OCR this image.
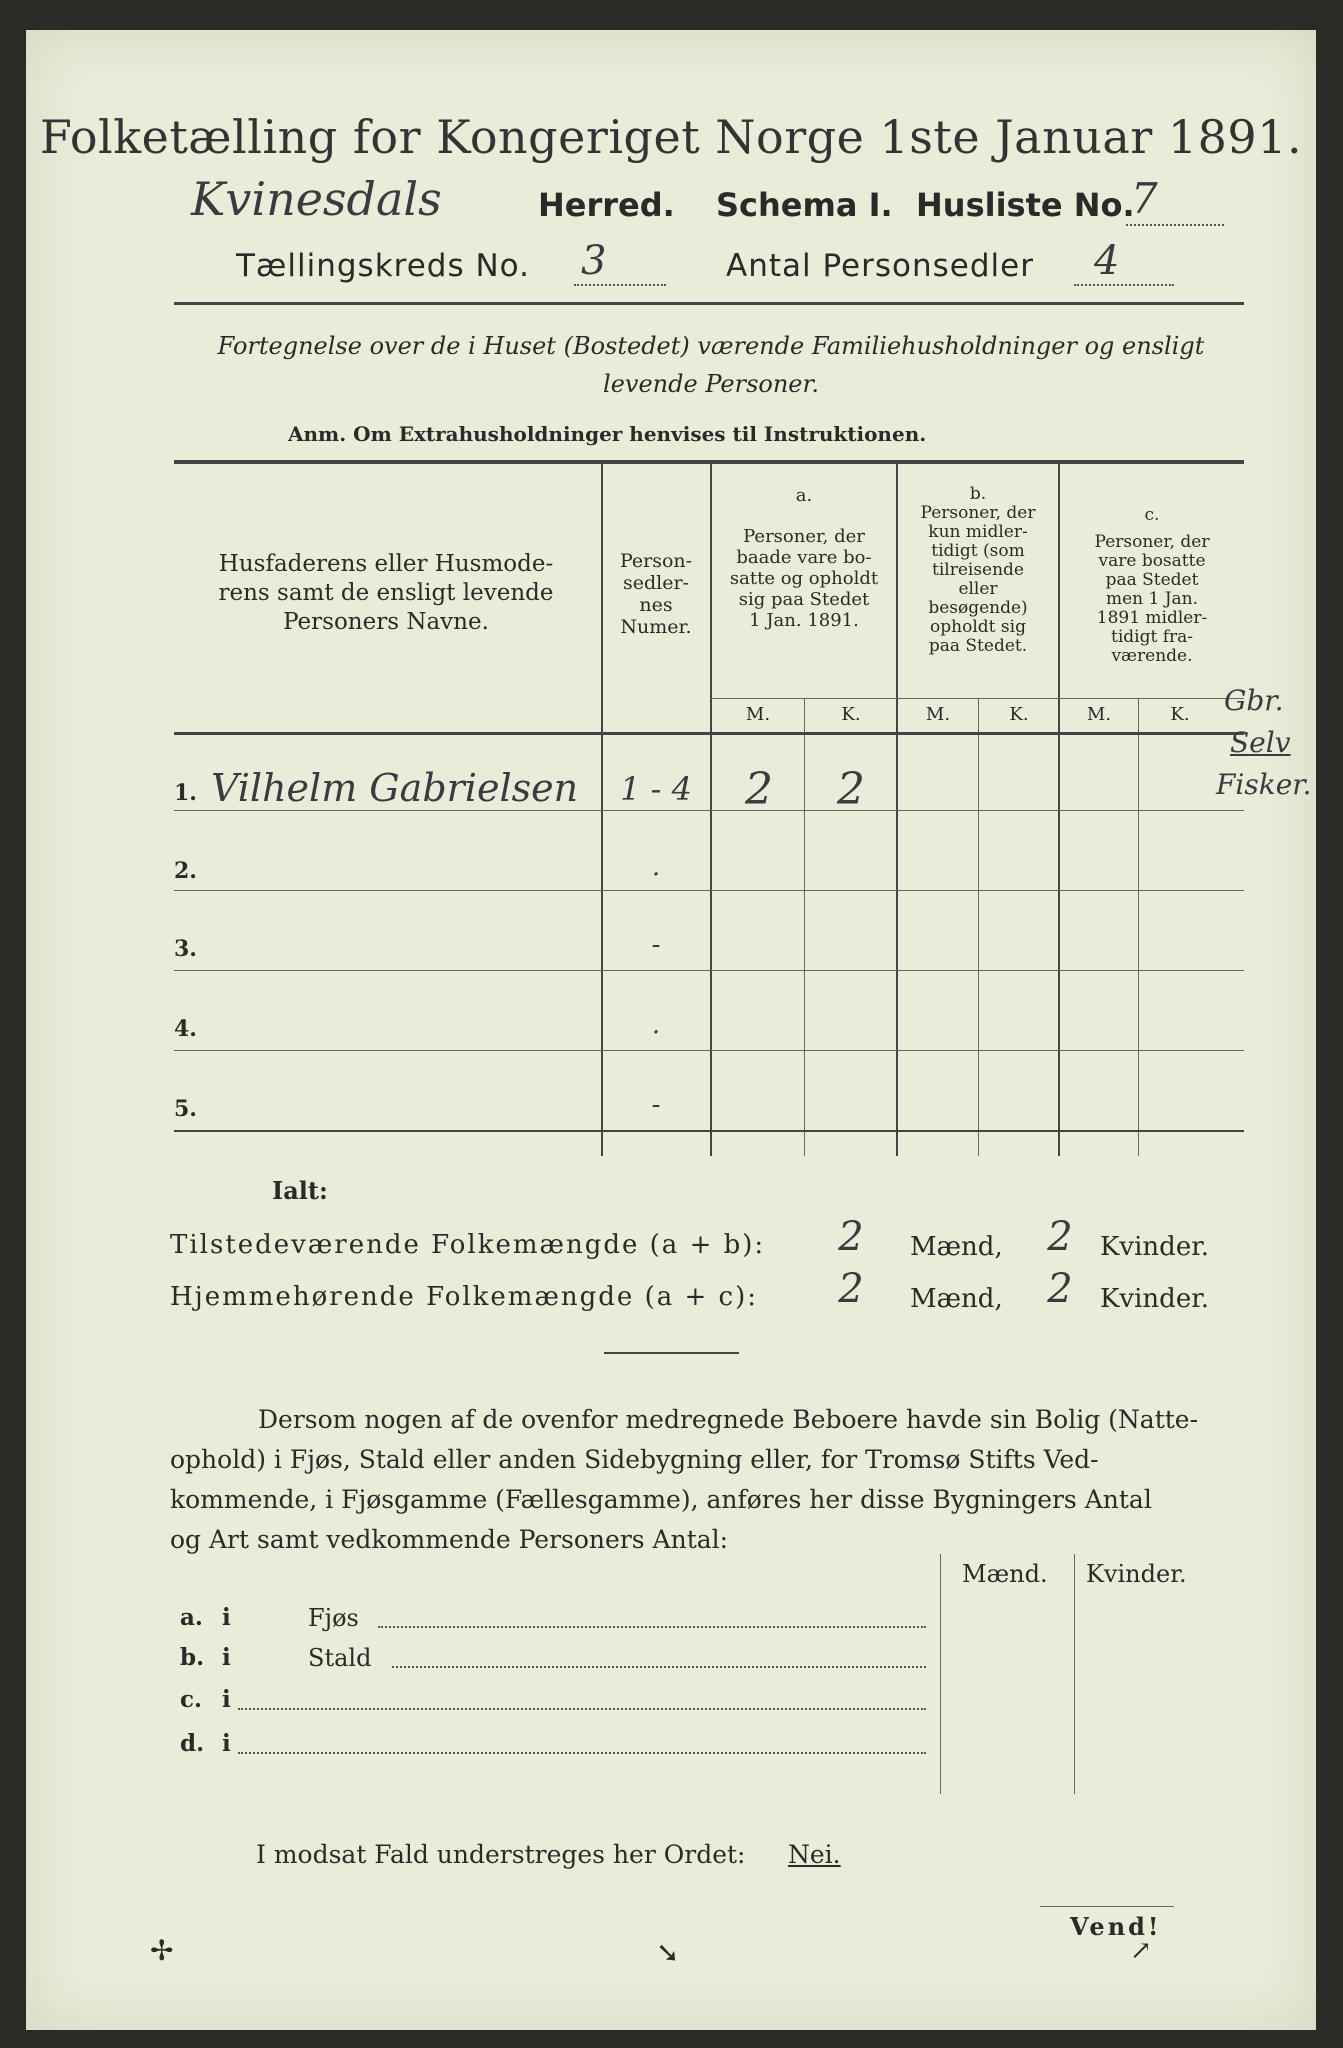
Folketælling for Kongeriget Norge 1ste Januar 1891.
Kvinesdals	Herred. Schema I. Husliste No.
7
Tællingskreds No. 3	Antal Personsedler 4
Fortegnelse over de i Huset (Bostedet) værende Familiehusholdninger og ensligt
levende Personer.
Anm. Om Extrahusholdninger henvises til Instruktionen.
Husfaderens eller Husmode-
rens samt de ensligt levende
Personers Navne.
Person-
sedler-
nes
Numer.
a.
Personer, der
baade vare bo-
satte og opholdt
sig paa Stedet
1 Jan. 1891.
b.
Personer, der
kun midler-
tidigt (som
tilreisende
eller
besøgende)
opholdt sig
paa Stedet.
c.
Personer, der
vare bosatte
paa Stedet
men 1 Jan.
1891 midler-
tidigt fra-
værende.
M.	K.	M.	K.	M.	K.	Gbr.
Selv
Fisker.
1. Vilhelm Gabrielsen	1 - 4	2	2
2.	.
3.	-
4.	.
5.	-
Ialt:
Tilstedeværende Folkemængde (a + b):	2	Mænd,	2	Kvinder.
Hjemmehørende Folkemængde (a + c):	2	Mænd,	2	Kvinder.
Dersom nogen af de ovenfor medregnede Beboere havde sin Bolig (Natte-
ophold) i Fjøs, Stald eller anden Sidebygning eller, for Tromsø Stifts Ved-
kommende, i Fjøsgamme (Fællesgamme), anføres her disse Bygningers Antal
og Art samt vedkommende Personers Antal:
Mænd. Kvinder.
a. i	Fjøs
b. i	Stald
c. i
d. i
I modsat Fald understreges her Ordet: Nei.
Vend!
✢	➘	↗
